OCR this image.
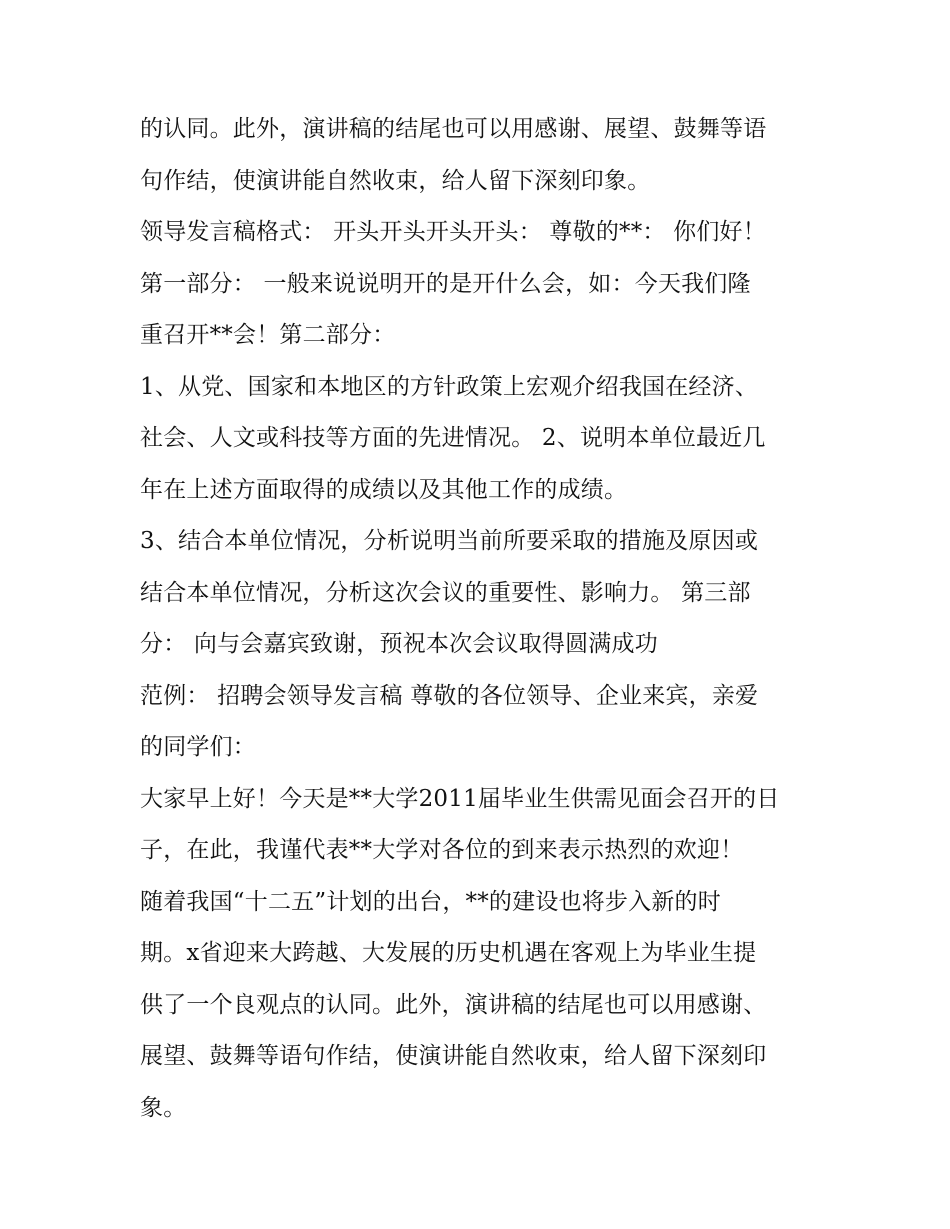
的认同。此外，演讲稿的结尾也可以用感谢、展望、鼓舞等语
句作结，使演讲能自然收束，给人留下深刻印象。
领导发言稿格式： 开头开头开头开头： 尊敬的**： 你们好！
第一部分： 一般来说说明开的是开什么会，如：今天我们隆
重召开**会！第二部分：
1、从党、国家和本地区的方针政策上宏观介绍我国在经济、
社会、人文或科技等方面的先进情况。 2、说明本单位最近几
年在上述方面取得的成绩以及其他工作的成绩。
3、结合本单位情况，分析说明当前所要采取的措施及原因或
结合本单位情况，分析这次会议的重要性、影响力。 第三部
分： 向与会嘉宾致谢，预祝本次会议取得圆满成功
范例： 招聘会领导发言稿 尊敬的各位领导、企业来宾，亲爱
的同学们：
大家早上好！今天是**大学2011届毕业生供需见面会召开的日
子，在此，我谨代表**大学对各位的到来表示热烈的欢迎！
随着我国“十二五”计划的出台，**的建设也将步入新的时
期。x省迎来大跨越、大发展的历史机遇在客观上为毕业生提
供了一个良观点的认同。此外，演讲稿的结尾也可以用感谢、
展望、鼓舞等语句作结，使演讲能自然收束，给人留下深刻印
象。
